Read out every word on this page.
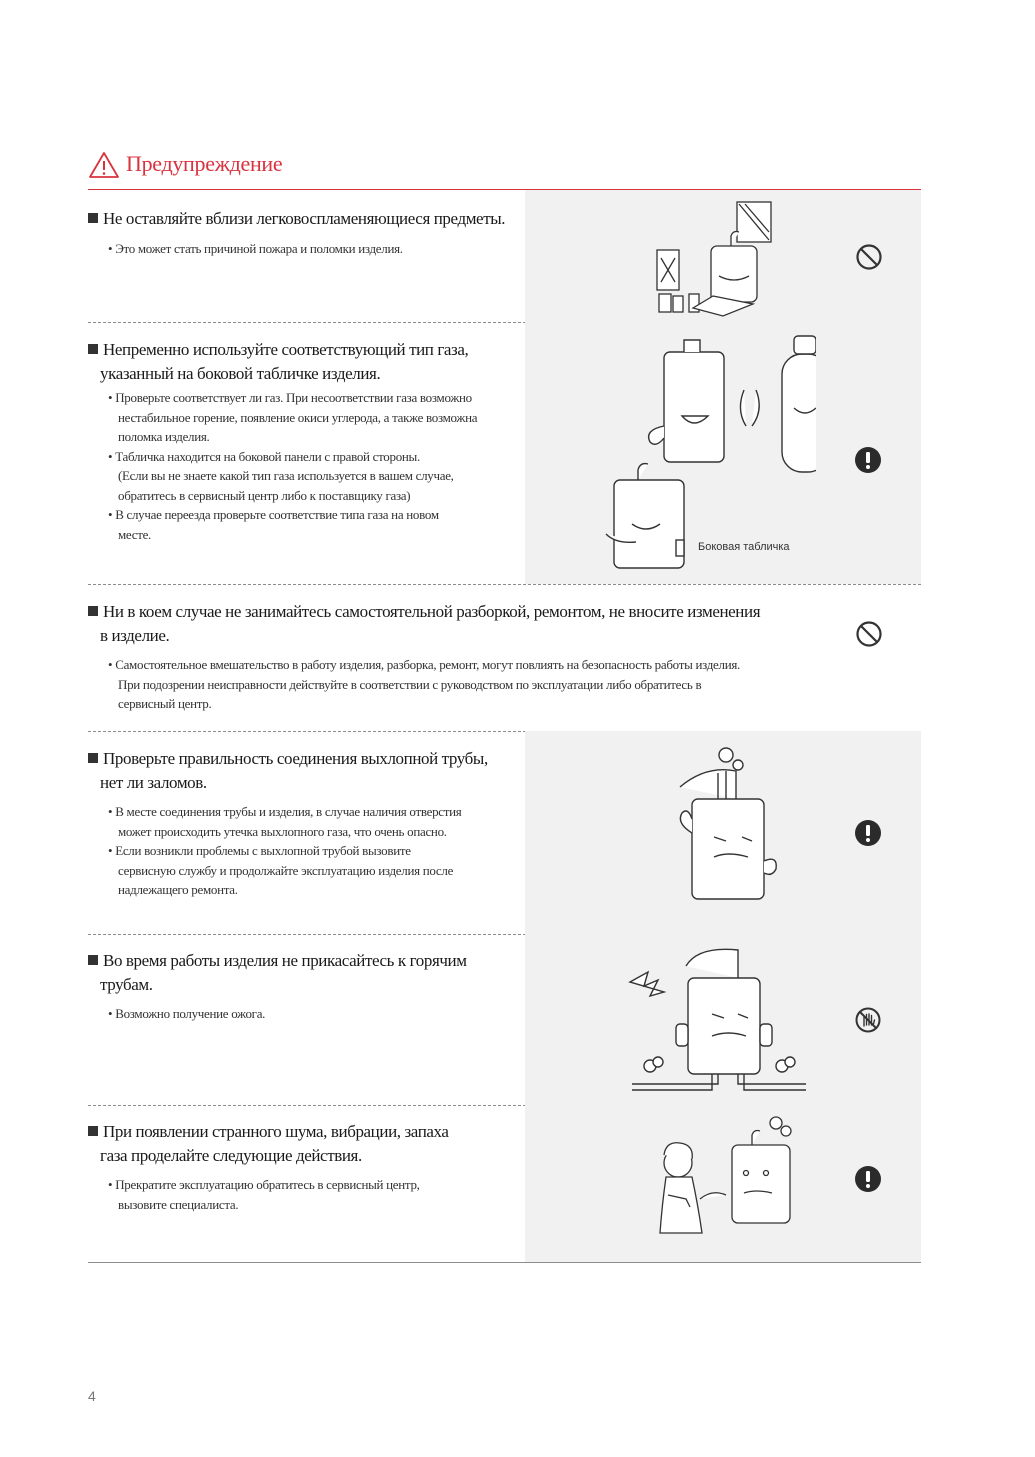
Предупреждение
Не оставляйте вблизи легковоспламеняющиеся предметы.
• Это может стать причиной пожара и поломки изделия.
Непременно используйте соответствующий тип газа,
указанный на боковой табличке изделия.
• Проверьте соответствует ли газ. При несоответствии газа возможно
нестабильное горение, появление окиси углерода, а также возможна
поломка изделия.
• Табличка находится на боковой панели с правой стороны.
(Если вы не знаете какой тип газа используется в вашем случае,
обратитесь в сервисный центр либо к поставщику газа)
• В случае переезда проверьте соответствие типа газа на новом
месте.
Боковая табличка
Ни в коем случае не занимайтесь самостоятельной разборкой, ремонтом, не вносите изменения
в изделие.
• Самостоятельное вмешательство в работу изделия, разборка, ремонт, могут повлиять на безопасность работы изделия.
При подозрении неисправности действуйте в соответствии с руководством по эксплуатации либо обратитесь в
сервисный центр.
Проверьте правильность соединения выхлопной трубы,
нет ли заломов.
• В месте соединения трубы и изделия, в случае наличия отверстия
может происходить утечка выхлопного газа, что очень опасно.
• Если возникли проблемы с выхлопной трубой вызовите
сервисную службу и продолжайте эксплуатацию изделия после
надлежащего ремонта.
Во время работы изделия не прикасайтесь к горячим
трубам.
• Возможно получение ожога.
При появлении странного шума, вибрации, запаха
газа проделайте следующие действия.
• Прекратите эксплуатацию обратитесь в сервисный центр,
вызовите специалиста.
4
